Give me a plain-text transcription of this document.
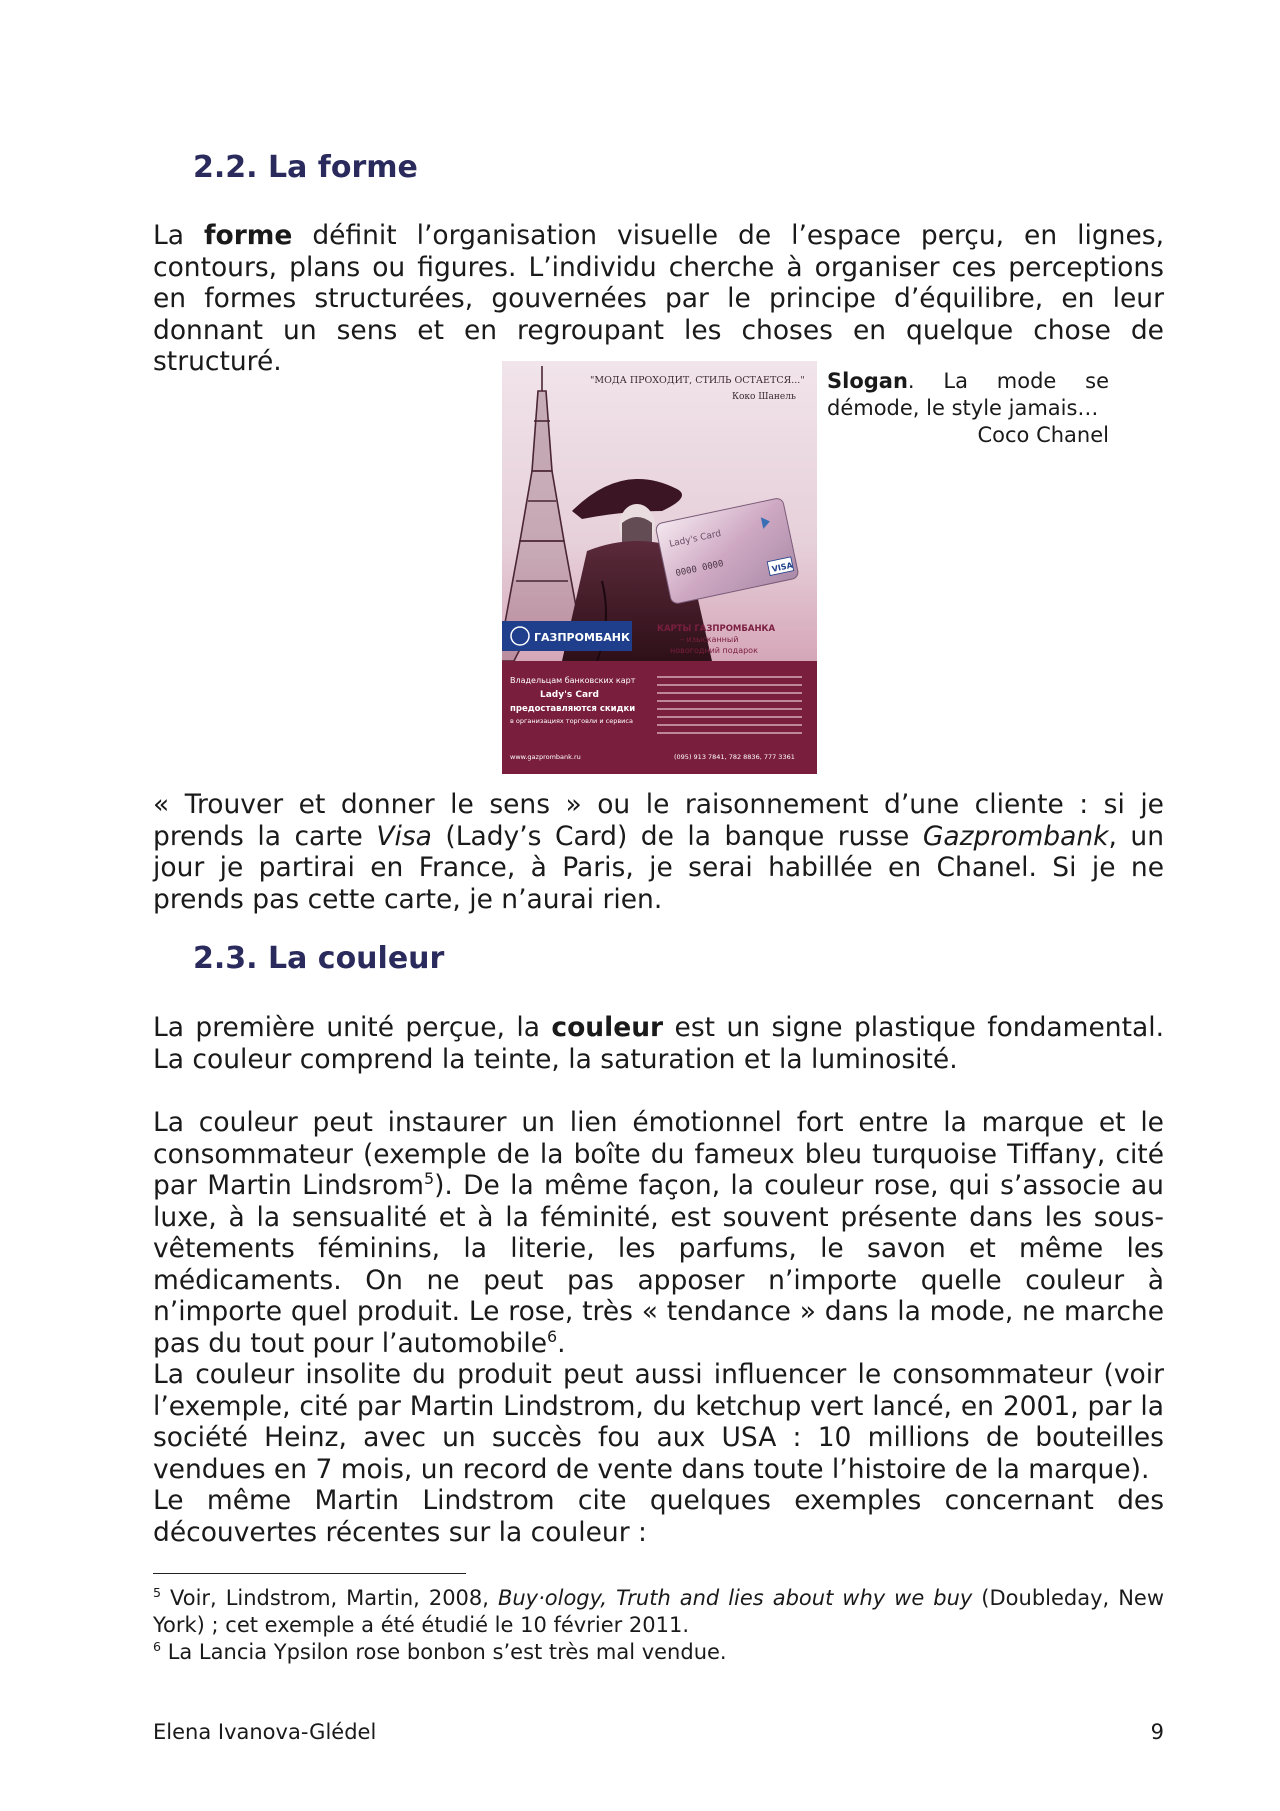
2.2. La forme

La forme définit l’organisation visuelle de l’espace perçu, en lignes, contours, plans ou figures. L’individu cherche à organiser ces perceptions en formes structurées, gouvernées par le principe d’équilibre, en leur donnant un sens et en regroupant les choses en quelque chose de structuré.

"МОДА ПРОХОДИТ, СТИЛЬ ОСТАЕТСЯ..."
Коко Шанель
Lady's Card
0000 0000	VISA
ГАЗПРОМБАНК
КАРТЫ ГАЗПРОМБАНКА
– изысканный
новогодний подарок
Владельцам банковских карт
Lady's Card
предоставляются скидки
в организациях торговли и сервиса
www.gazprombank.ru	(095) 913 7841, 782 8836, 777 3361
Slogan. La mode se démode, le style jamais…
Coco Chanel

« Trouver et donner le sens » ou le raisonnement d’une cliente : si je prends la carte Visa (Lady’s Card) de la banque russe Gazprombank, un jour je partirai en France, à Paris, je serai habillée en Chanel. Si je ne prends pas cette carte, je n’aurai rien.

2.3. La couleur

La première unité perçue, la couleur est un signe plastique fondamental. La couleur comprend la teinte, la saturation et la luminosité.

La couleur peut instaurer un lien émotionnel fort entre la marque et le consommateur (exemple de la boîte du fameux bleu turquoise Tiffany, cité par Martin Lindsrom$^5$). De la même façon, la couleur rose, qui s’associe au luxe, à la sensualité et à la féminité, est souvent présente dans les sous-vêtements féminins, la literie, les parfums, le savon et même les médicaments. On ne peut pas apposer n’importe quelle couleur à n’importe quel produit. Le rose, très « tendance » dans la mode, ne marche pas du tout pour l’automobile$^6$.

La couleur insolite du produit peut aussi influencer le consommateur (voir l’exemple, cité par Martin Lindstrom, du ketchup vert lancé, en 2001, par la société Heinz, avec un succès fou aux USA : 10 millions de bouteilles vendues en 7 mois, un record de vente dans toute l’histoire de la marque).

Le même Martin Lindstrom cite quelques exemples concernant des découvertes récentes sur la couleur :

$^5$ Voir, Lindstrom, Martin, 2008, Buy·ology, Truth and lies about why we buy (Doubleday, New York) ; cet exemple a été étudié le 10 février 2011.

$^6$ La Lancia Ypsilon rose bonbon s’est très mal vendue.

Elena Ivanova-Glédel	9
